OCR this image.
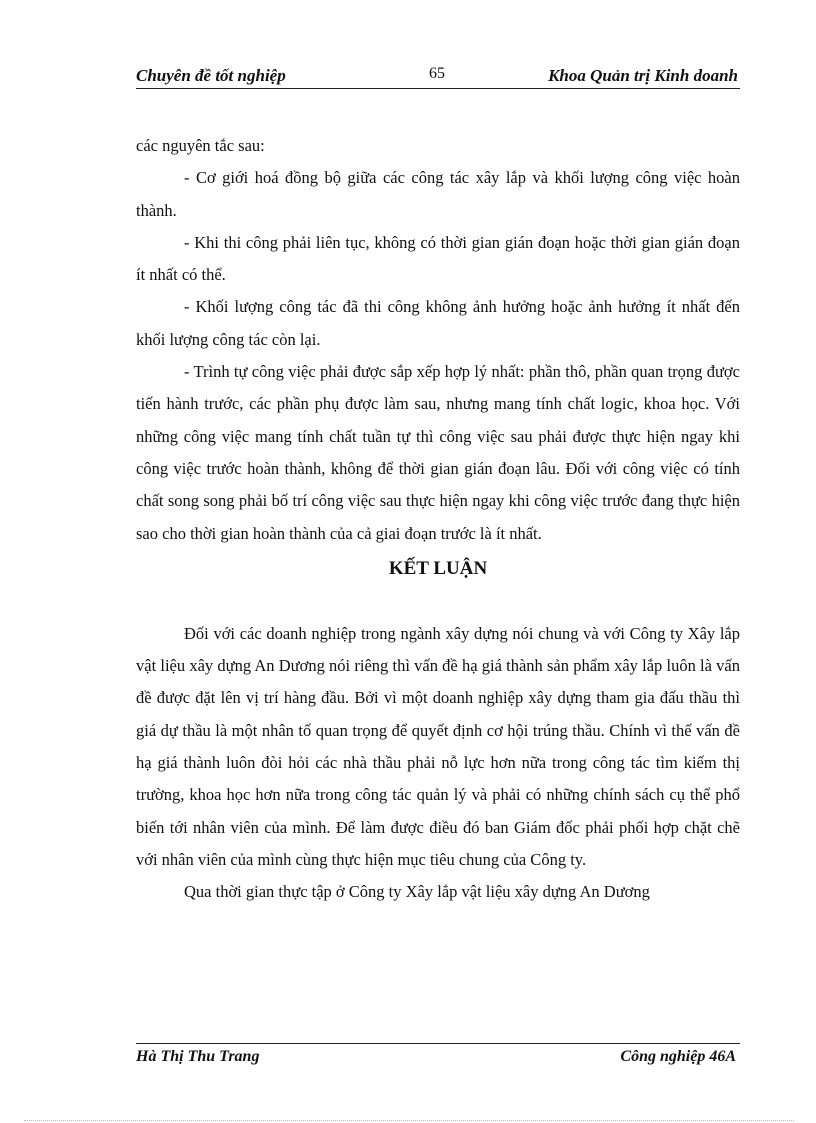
Chuyên đề tốt nghiệp	65	Khoa Quản trị Kinh doanh

các nguyên tắc sau:

- Cơ giới hoá đồng bộ giữa các công tác xây lắp và khối lượng công việc hoàn thành.

- Khi thi công phải liên tục, không có thời gian gián đoạn hoặc thời gian gián đoạn ít nhất có thể.

- Khối lượng công tác đã thi công không ảnh hưởng hoặc ảnh hưởng ít nhất đến khối lượng công tác còn lại.

- Trình tự công việc phải được sắp xếp hợp lý nhất: phần thô, phần quan trọng được tiến hành trước, các phần phụ được làm sau, nhưng mang tính chất logic, khoa học. Với những công việc mang tính chất tuần tự thì công việc sau phải được thực hiện ngay khi công việc trước hoàn thành, không để thời gian gián đoạn lâu. Đối với công việc có tính chất song song phải bố trí công việc sau thực hiện ngay khi công việc trước đang thực hiện sao cho thời gian hoàn thành của cả giai đoạn trước là ít nhất.

KẾT LUẬN

Đối với các doanh nghiệp trong ngành xây dựng nói chung và với Công ty Xây lắp vật liệu xây dựng An Dương nói riêng thì vấn đề hạ giá thành sản phẩm xây lắp luôn là vấn đề được đặt lên vị trí hàng đầu. Bởi vì một doanh nghiệp xây dựng tham gia đấu thầu thì giá dự thầu là một nhân tố quan trọng để quyết định cơ hội trúng thầu. Chính vì thế vấn đề hạ giá thành luôn đòi hỏi các nhà thầu phải nỗ lực hơn nữa trong công tác tìm kiếm thị trường, khoa học hơn nữa trong công tác quản lý và phải có những chính sách cụ thể phổ biến tới nhân viên của mình. Để làm được điều đó ban Giám đốc phải phối hợp chặt chẽ với nhân viên của mình cùng thực hiện mục tiêu chung của Công ty.

Qua thời gian thực tập ở Công ty Xây lắp vật liệu xây dựng An Dương

Hà Thị Thu Trang	Công nghiệp 46A
